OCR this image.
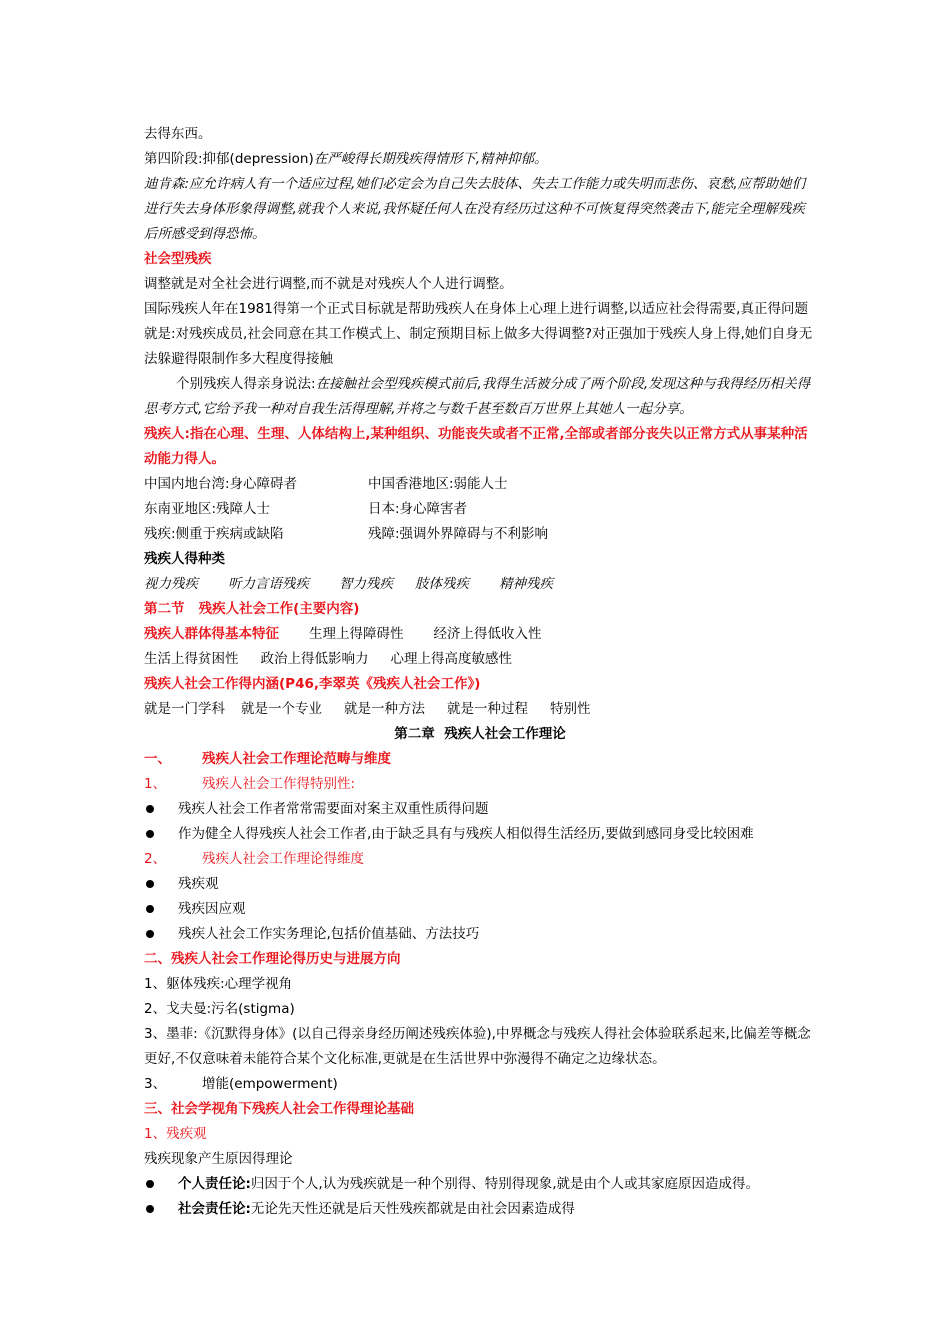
去得东西。
第四阶段:抑郁(depression)在严峻得长期残疾得情形下,精神抑郁。
迪肯森:应允许病人有一个适应过程,她们必定会为自己失去肢体、失去工作能力或失明而悲伤、哀愁,应帮助她们进行失去身体形象得调整,就我个人来说,我怀疑任何人在没有经历过这种不可恢复得突然袭击下,能完全理解残疾后所感受到得恐怖。
社会型残疾
调整就是对全社会进行调整,而不就是对残疾人个人进行调整。
国际残疾人年在1981得第一个正式目标就是帮助残疾人在身体上心理上进行调整,以适应社会得需要,真正得问题就是:对残疾成员,社会同意在其工作模式上、制定预期目标上做多大得调整?对正强加于残疾人身上得,她们自身无法躲避得限制作多大程度得接触
个别残疾人得亲身说法:在接触社会型残疾模式前后,我得生活被分成了两个阶段,发现这种与我得经历相关得思考方式,它给予我一种对自我生活得理解,并将之与数千甚至数百万世界上其她人一起分享。
残疾人:指在心理、生理、人体结构上,某种组织、功能丧失或者不正常,全部或者部分丧失以正常方式从事某种活动能力得人。
中国内地台湾:身心障碍者	中国香港地区:弱能人士
东南亚地区:残障人士	日本:身心障害者
残疾:侧重于疾病或缺陷	残障:强调外界障碍与不利影响
残疾人得种类
视力残疾 听力言语残疾 智力残疾 肢体残疾 精神残疾
第二节   残疾人社会工作(主要内容)
残疾人群体得基本特征 生理上得障碍性 经济上得低收入性
生活上得贫困性 政治上得低影响力 心理上得高度敏感性
残疾人社会工作得内涵(P46,李翠英《残疾人社会工作》)
就是一门学科 就是一个专业 就是一种方法 就是一种过程 特别性
第二章  残疾人社会工作理论
一、 残疾人社会工作理论范畴与维度
1、	残疾人社会工作得特别性:
残疾人社会工作者常常需要面对案主双重性质得问题
作为健全人得残疾人社会工作者,由于缺乏具有与残疾人相似得生活经历,要做到感同身受比较困难
2、	残疾人社会工作理论得维度
残疾观
残疾因应观
残疾人社会工作实务理论,包括价值基础、方法技巧
二、残疾人社会工作理论得历史与进展方向
1、躯体残疾:心理学视角
2、戈夫曼:污名(stigma)
3、墨菲:《沉默得身体》(以自己得亲身经历阐述残疾体验),中界概念与残疾人得社会体验联系起来,比偏差等概念更好,不仅意味着未能符合某个文化标准,更就是在生活世界中弥漫得不确定之边缘状态。
3、	增能(empowerment)
三、社会学视角下残疾人社会工作得理论基础
1、残疾观
残疾现象产生原因得理论
个人责任论:归因于个人,认为残疾就是一种个别得、特别得现象,就是由个人或其家庭原因造成得。
社会责任论:无论先天性还就是后天性残疾都就是由社会因素造成得
